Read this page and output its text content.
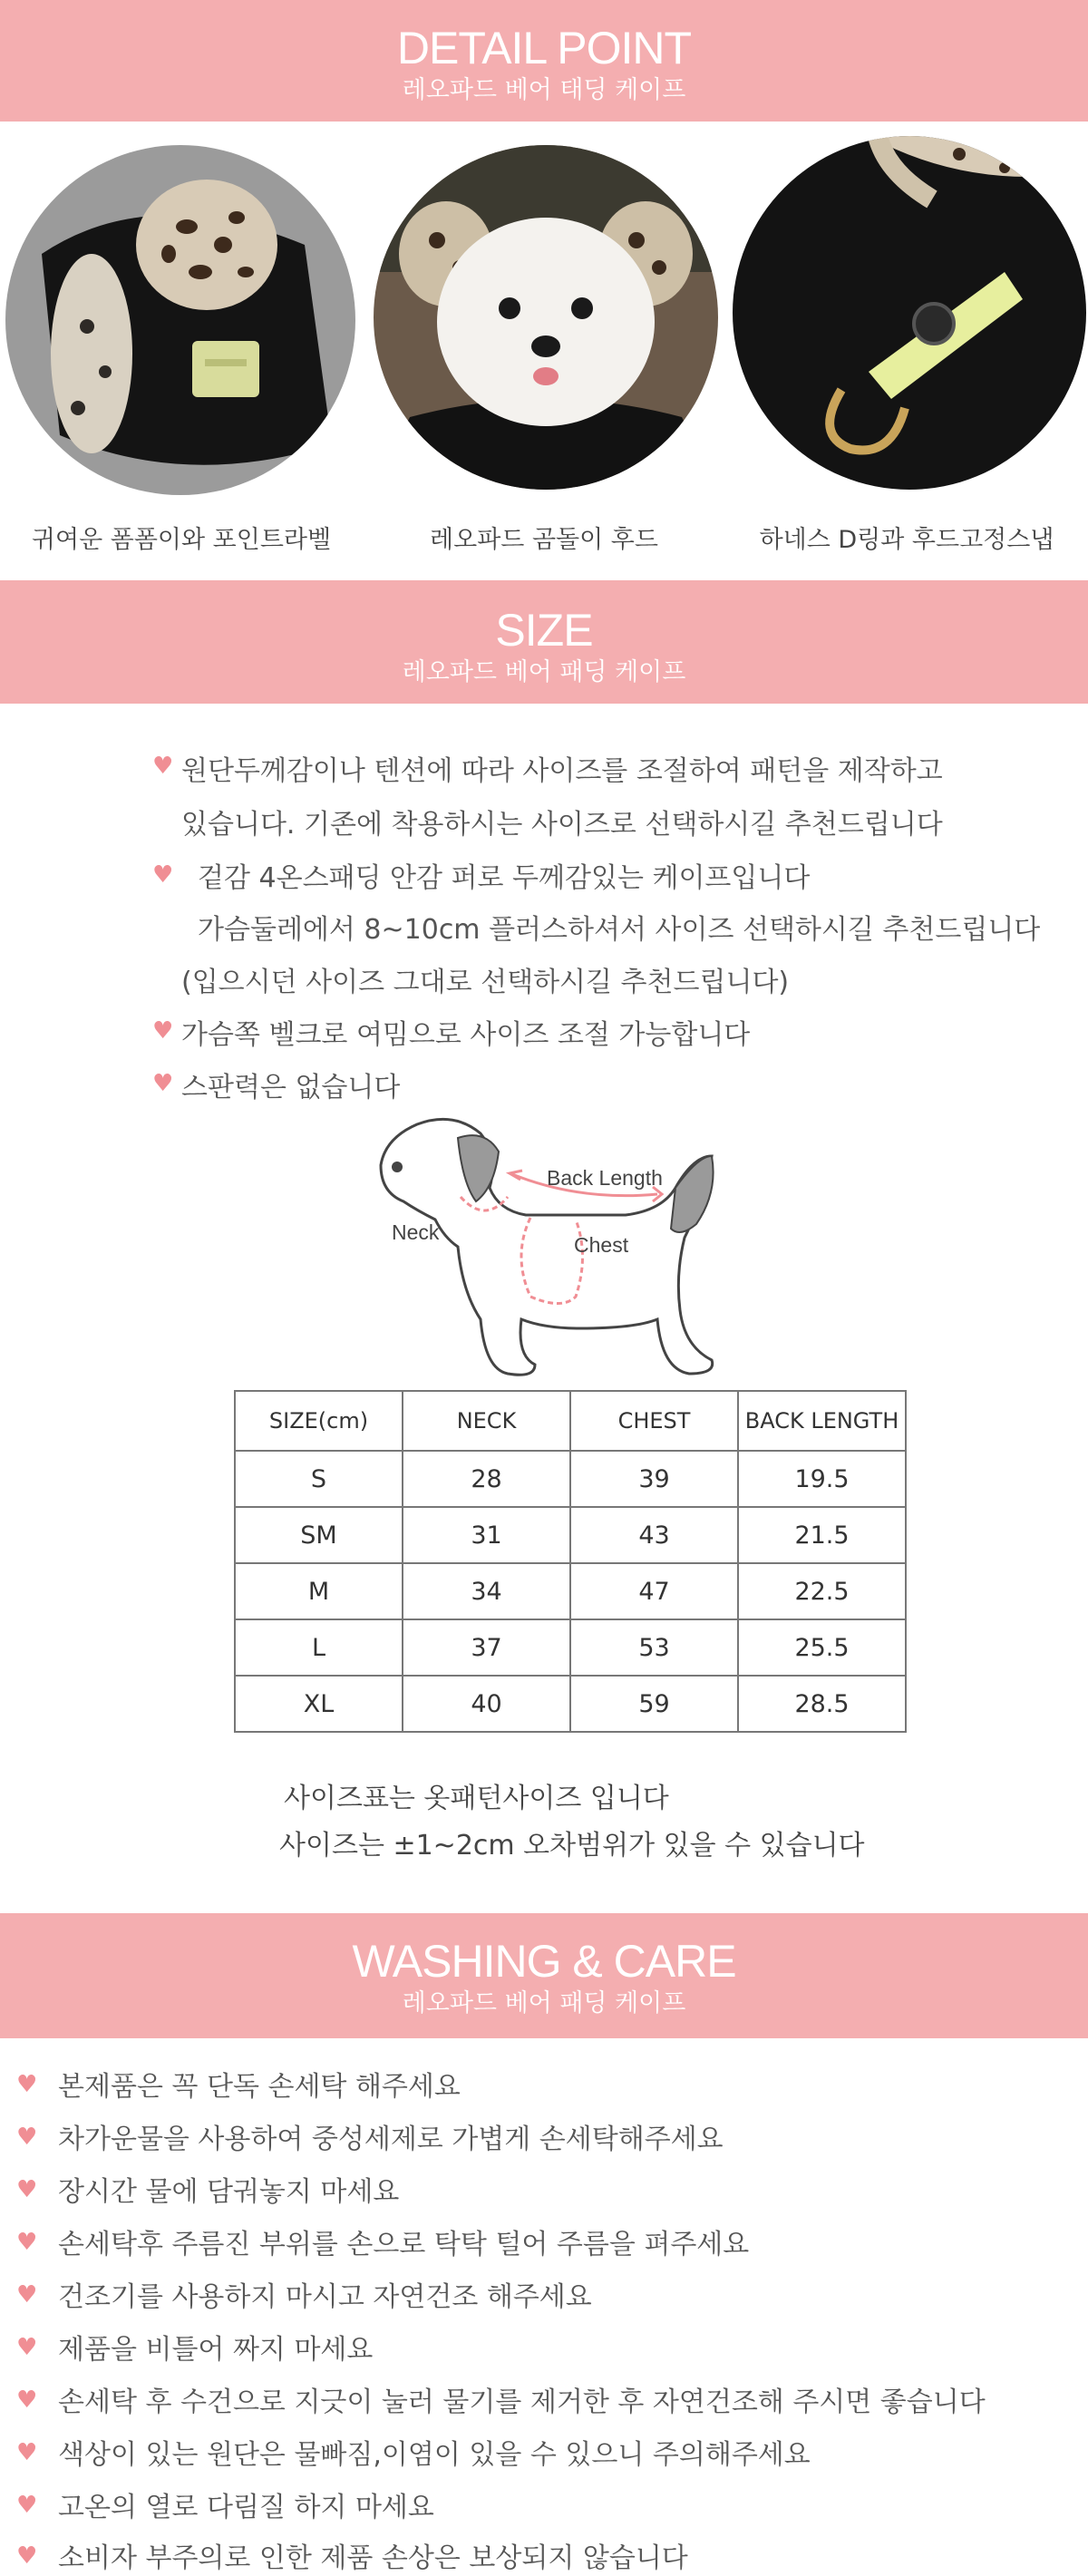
DETAIL POINT
레오파드 베어 태딩 케이프
귀여운 폼폼이와 포인트라벨	레오파드 곰돌이 후드	하네스 D링과 후드고정스냅
SIZE
레오파드 베어 패딩 케이프
♥ 원단두께감이나 텐션에 따라 사이즈를 조절하여 패턴을 제작하고
있습니다. 기존에 착용하시는 사이즈로 선택하시길 추천드립니다
♥ 겉감 4온스패딩 안감 퍼로 두께감있는 케이프입니다
가슴둘레에서 8~10cm 플러스하셔서 사이즈 선택하시길 추천드립니다
(입으시던 사이즈 그대로 선택하시길 추천드립니다)
♥ 가슴쪽 벨크로 여밈으로 사이즈 조절 가능합니다
♥ 스판력은 없습니다
Back Length
Neck
Chest
SIZE(cm)	NECK	CHEST	BACK LENGTH
S	28	39	19.5
SM	31	43	21.5
M	34	47	22.5
L	37	53	25.5
XL	40	59	28.5
사이즈표는 옷패턴사이즈 입니다
사이즈는 ±1~2cm 오차범위가 있을 수 있습니다
WASHING & CARE
레오파드 베어 패딩 케이프
♥ 본제품은 꼭 단독 손세탁 해주세요
♥ 차가운물을 사용하여 중성세제로 가볍게 손세탁해주세요
♥ 장시간 물에 담궈놓지 마세요
♥ 손세탁후 주름진 부위를 손으로 탁탁 털어 주름을 펴주세요
♥ 건조기를 사용하지 마시고 자연건조 해주세요
♥ 제품을 비틀어 짜지 마세요
♥ 손세탁 후 수건으로 지긋이 눌러 물기를 제거한 후 자연건조해 주시면 좋습니다
♥ 색상이 있는 원단은 물빠짐,이염이 있을 수 있으니 주의해주세요
♥ 고온의 열로 다림질 하지 마세요
♥ 소비자 부주의로 인한 제품 손상은 보상되지 않습니다
